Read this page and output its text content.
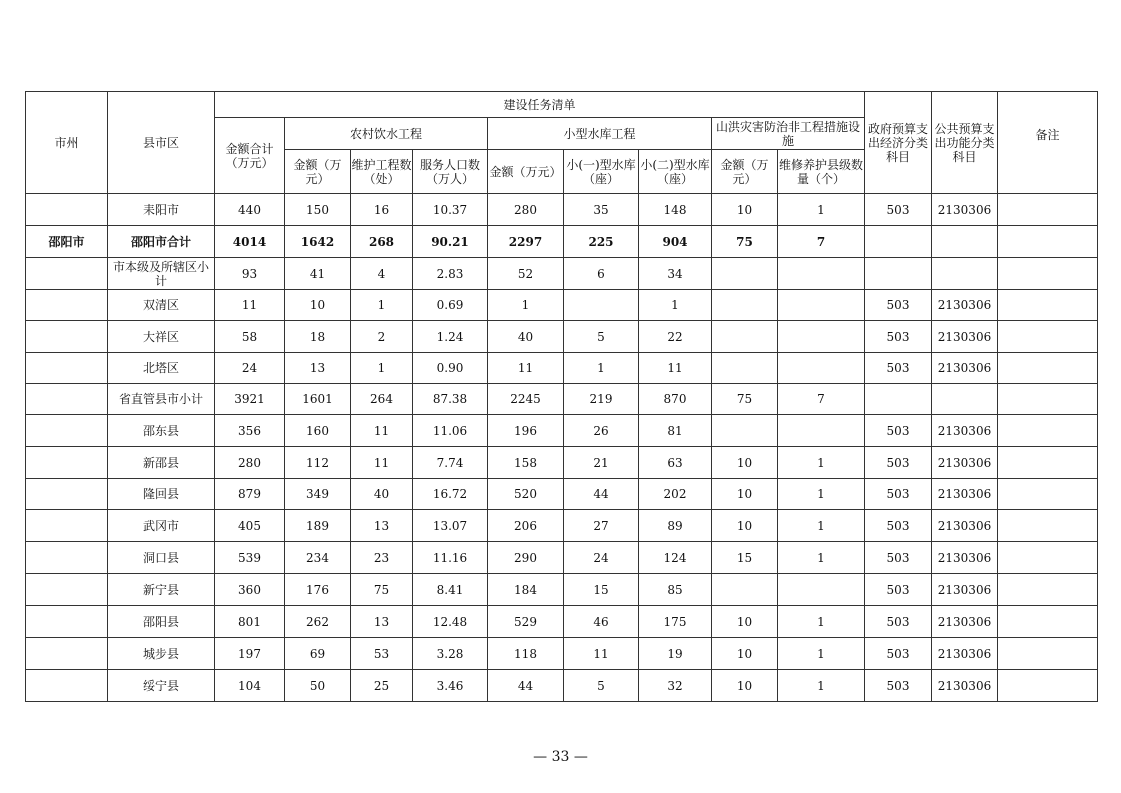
市州	县市区	建设任务清单									政府预算支出经济分类科目	公共预算支出功能分类科目	备注
		金额合计（万元）	农村饮水工程			小型水库工程			山洪灾害防治非工程措施设施				
			金额（万元）	维护工程数（处）	服务人口数（万人）	金额（万元）	小(一)型水库（座）	小(二)型水库（座）	金额（万元）	维修养护县级数量（个）			
	耒阳市	440	150	16	10.37	280	35	148	10	1	503	2130306	
邵阳市	邵阳市合计	4014	1642	268	90.21	2297	225	904	75	7			
	市本级及所辖区小计	93	41	4	2.83	52	6	34					
	双清区	11	10	1	0.69	1		1			503	2130306	
	大祥区	58	18	2	1.24	40	5	22			503	2130306	
	北塔区	24	13	1	0.90	11	1	11			503	2130306	
	省直管县市小计	3921	1601	264	87.38	2245	219	870	75	7			
	邵东县	356	160	11	11.06	196	26	81			503	2130306	
	新邵县	280	112	11	7.74	158	21	63	10	1	503	2130306	
	隆回县	879	349	40	16.72	520	44	202	10	1	503	2130306	
	武冈市	405	189	13	13.07	206	27	89	10	1	503	2130306	
	洞口县	539	234	23	11.16	290	24	124	15	1	503	2130306	
	新宁县	360	176	75	8.41	184	15	85			503	2130306	
	邵阳县	801	262	13	12.48	529	46	175	10	1	503	2130306	
	城步县	197	69	53	3.28	118	11	19	10	1	503	2130306	
	绥宁县	104	50	25	3.46	44	5	32	10	1	503	2130306	
— 33 —
